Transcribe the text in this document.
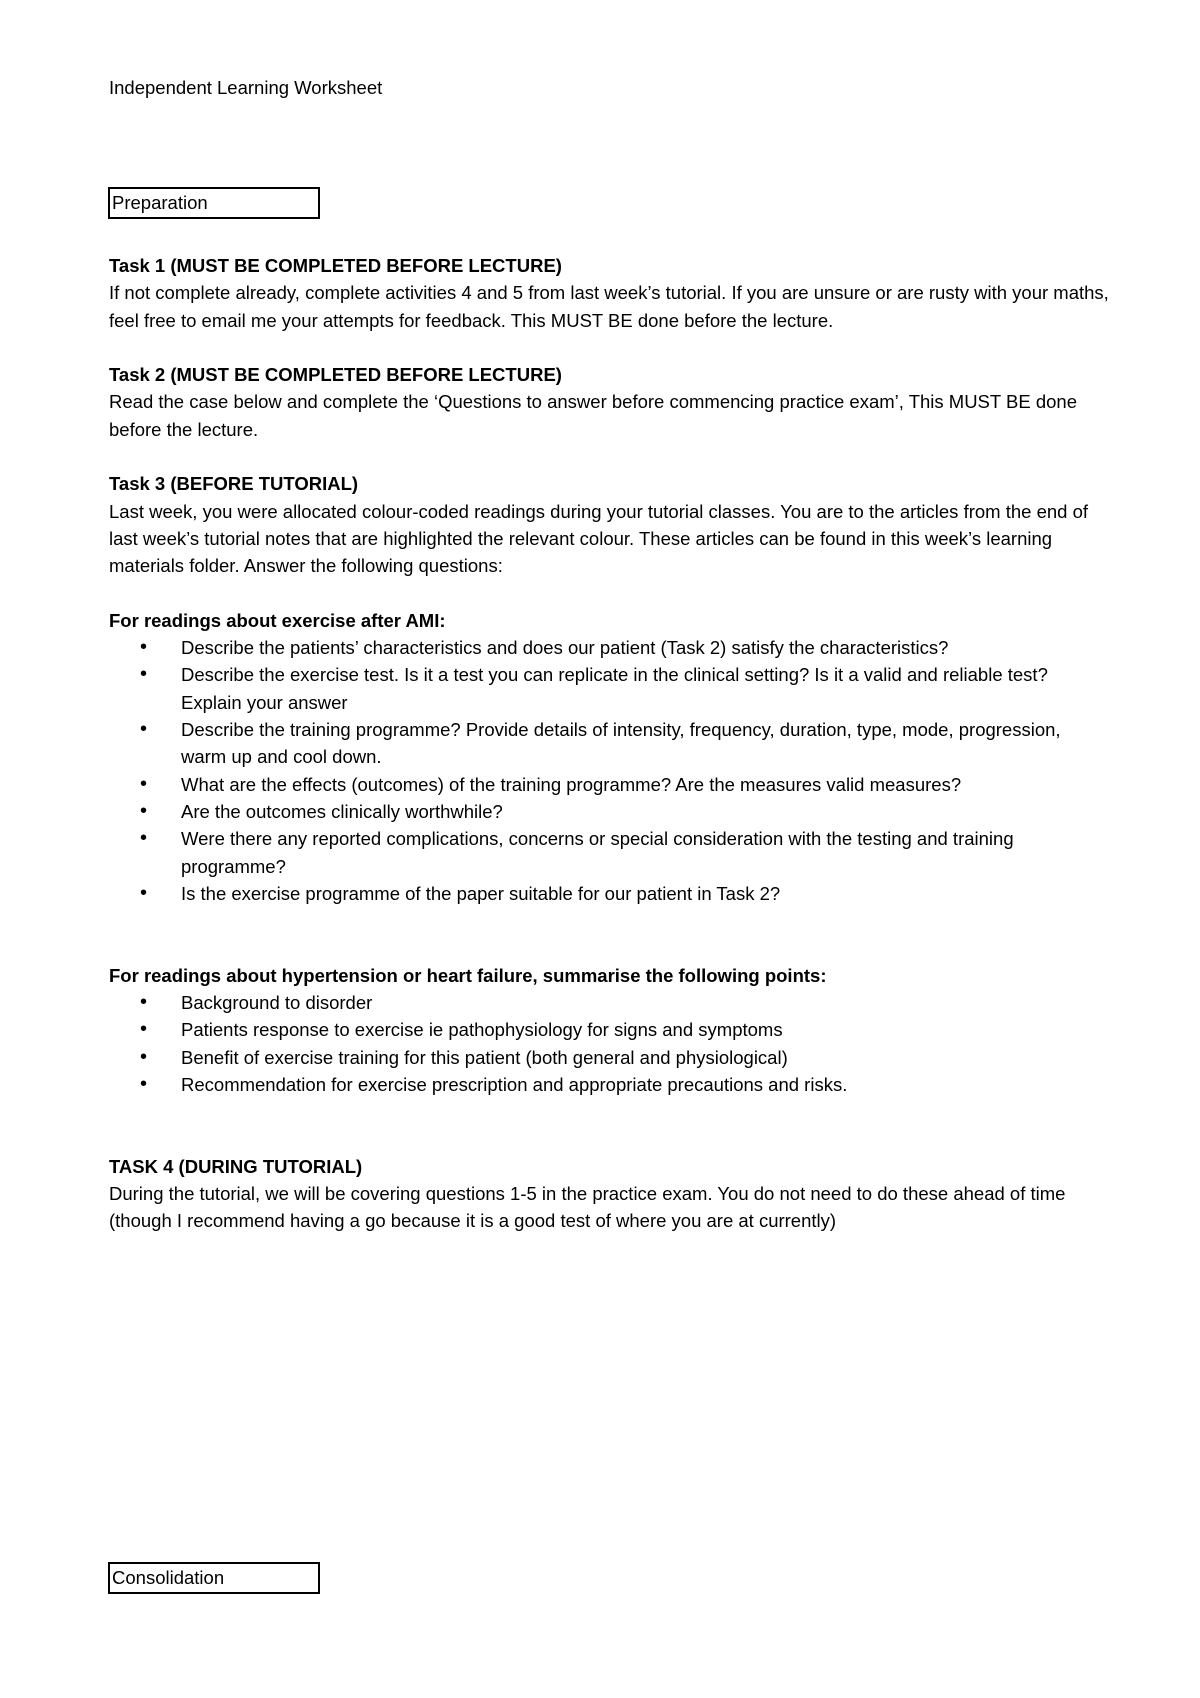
Independent Learning Worksheet
Preparation

Task 1 (MUST BE COMPLETED BEFORE LECTURE)

If not complete already, complete activities 4 and 5 from last week’s tutorial. If you are unsure or are rusty with your maths, feel free to email me your attempts for feedback. This MUST BE done before the lecture.

Task 2 (MUST BE COMPLETED BEFORE LECTURE)

Read the case below and complete the ‘Questions to answer before commencing practice exam’, This MUST BE done before the lecture.

Task 3 (BEFORE TUTORIAL)

Last week, you were allocated colour-coded readings during your tutorial classes. You are to the articles from the end of last week’s tutorial notes that are highlighted the relevant colour. These articles can be found in this week’s learning materials folder. Answer the following questions:

For readings about exercise after AMI:

• Describe the patients’ characteristics and does our patient (Task 2) satisfy the characteristics?
• Describe the exercise test. Is it a test you can replicate in the clinical setting? Is it a valid and reliable test? Explain your answer
• Describe the training programme? Provide details of intensity, frequency, duration, type, mode, progression, warm up and cool down.
• What are the effects (outcomes) of the training programme? Are the measures valid measures?
• Are the outcomes clinically worthwhile?
• Were there any reported complications, concerns or special consideration with the testing and training programme?
• Is the exercise programme of the paper suitable for our patient in Task 2?

For readings about hypertension or heart failure, summarise the following points:

• Background to disorder
• Patients response to exercise ie pathophysiology for signs and symptoms
• Benefit of exercise training for this patient (both general and physiological)
• Recommendation for exercise prescription and appropriate precautions and risks.

TASK 4 (DURING TUTORIAL)

During the tutorial, we will be covering questions 1-5 in the practice exam. You do not need to do these ahead of time (though I recommend having a go because it is a good test of where you are at currently)

Consolidation
